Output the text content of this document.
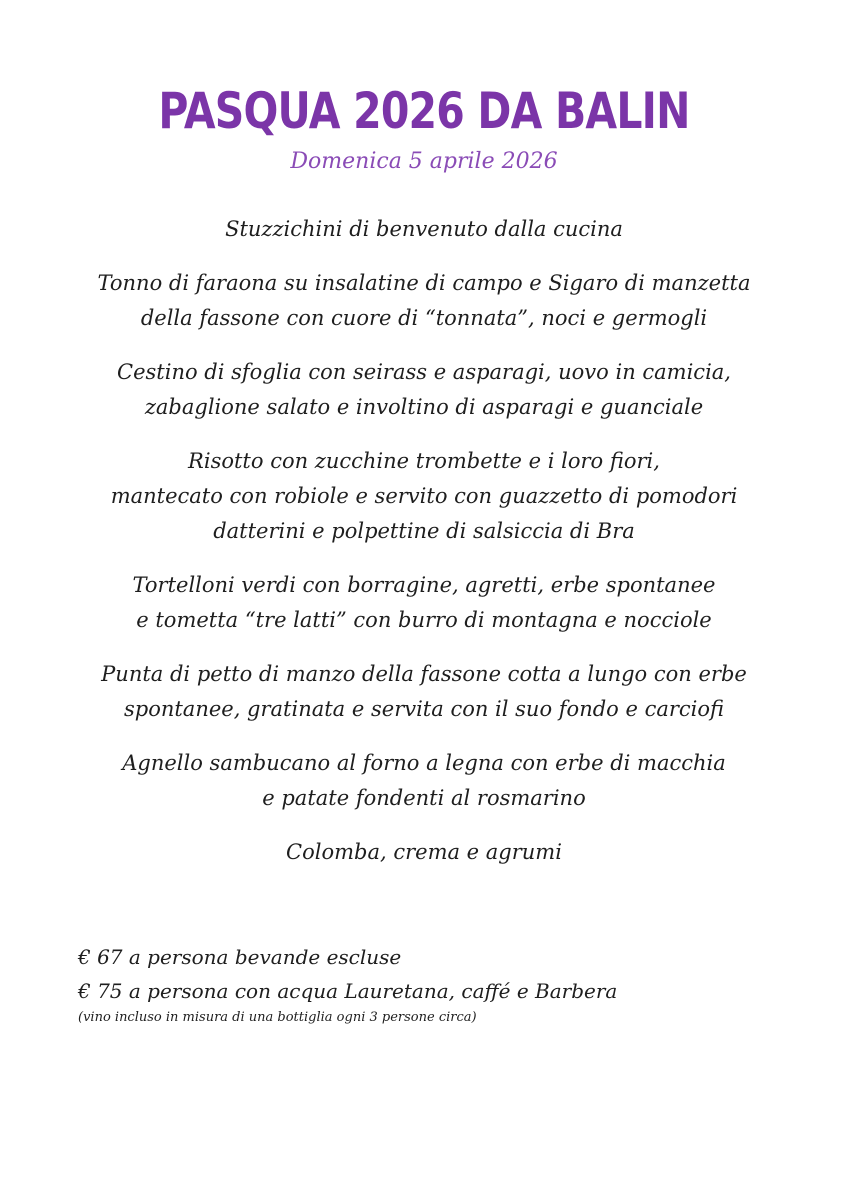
PASQUA 2026 DA BALIN
Domenica 5 aprile 2026
Stuzzichini di benvenuto dalla cucina
Tonno di faraona su insalatine di campo e Sigaro di manzetta
della fassone con cuore di “tonnata”, noci e germogli
Cestino di sfoglia con seirass e asparagi, uovo in camicia,
zabaglione salato e involtino di asparagi e guanciale
Risotto con zucchine trombette e i loro fiori,
mantecato con robiole e servito con guazzetto di pomodori
datterini e polpettine di salsiccia di Bra
Tortelloni verdi con borragine, agretti, erbe spontanee
e tometta “tre latti” con burro di montagna e nocciole
Punta di petto di manzo della fassone cotta a lungo con erbe
spontanee, gratinata e servita con il suo fondo e carciofi
Agnello sambucano al forno a legna con erbe di macchia
e patate fondenti al rosmarino
Colomba, crema e agrumi
€ 67 a persona bevande escluse
€ 75 a persona con acqua Lauretana, caffé e Barbera
(vino incluso in misura di una bottiglia ogni 3 persone circa)
